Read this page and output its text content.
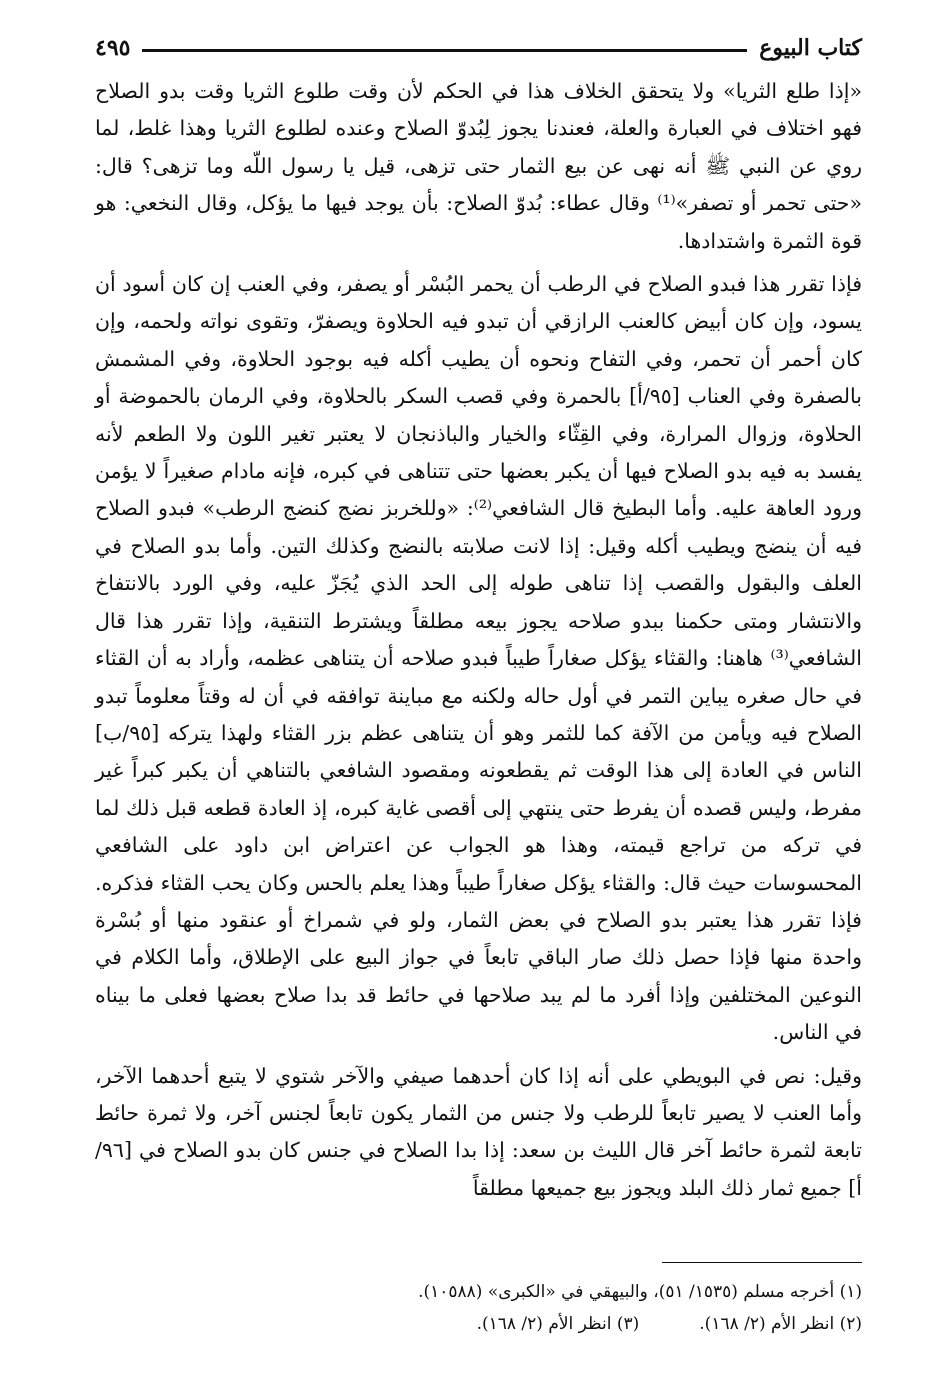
كتاب البيوع
٤٩٥

«إذا طلع الثريا» ولا يتحقق الخلاف هذا في الحكم لأن وقت طلوع الثريا وقت بدو الصلاح فهو اختلاف في العبارة والعلة، فعندنا يجوز لِبُدوّ الصلاح وعنده لطلوع الثريا وهذا غلط، لما روي عن النبي ﷺ أنه نهى عن بيع الثمار حتى تزهى، قيل يا رسول اللّه وما تزهى؟ قال: «حتى تحمر أو تصفر»⁽¹⁾ وقال عطاء: بُدوّ الصلاح: بأن يوجد فيها ما يؤكل، وقال النخعي: هو قوة الثمرة واشتدادها.

فإذا تقرر هذا فبدو الصلاح في الرطب أن يحمر البُسْر أو يصفر، وفي العنب إن كان أسود أن يسود، وإن كان أبيض كالعنب الرازقي أن تبدو فيه الحلاوة ويصفرّ، وتقوى نواته ولحمه، وإن كان أحمر أن تحمر، وفي التفاح ونحوه أن يطيب أكله فيه بوجود الحلاوة، وفي المشمش بالصفرة وفي العناب [٩٥/أ] بالحمرة وفي قصب السكر بالحلاوة، وفي الرمان بالحموضة أو الحلاوة، وزوال المرارة، وفي القِثّاء والخيار والباذنجان لا يعتبر تغير اللون ولا الطعم لأنه يفسد به فيه بدو الصلاح فيها أن يكبر بعضها حتى تتناهى في كبره، فإنه مادام صغيراً لا يؤمن ورود العاهة عليه. وأما البطيخ قال الشافعي⁽²⁾: «وللخربز نضج كنضج الرطب» فبدو الصلاح فيه أن ينضج ويطيب أكله وقيل: إذا لانت صلابته بالنضج وكذلك التين. وأما بدو الصلاح في العلف والبقول والقصب إذا تناهى طوله إلى الحد الذي يُجَزّ عليه، وفي الورد بالانتفاخ والانتشار ومتى حكمنا ببدو صلاحه يجوز بيعه مطلقاً ويشترط التنقية، وإذا تقرر هذا قال الشافعي⁽³⁾ هاهنا: والقثاء يؤكل صغاراً طيباً فبدو صلاحه أن يتناهى عظمه، وأراد به أن القثاء في حال صغره يباين التمر في أول حاله ولكنه مع مباينة توافقه في أن له وقتاً معلوماً تبدو الصلاح فيه ويأمن من الآفة كما للثمر وهو أن يتناهى عظم بزر القثاء ولهذا يتركه [٩٥/ب] الناس في العادة إلى هذا الوقت ثم يقطعونه ومقصود الشافعي بالتناهي أن يكبر كبراً غير مفرط، وليس قصده أن يفرط حتى ينتهي إلى أقصى غاية كبره، إذ العادة قطعه قبل ذلك لما في تركه من تراجع قيمته، وهذا هو الجواب عن اعتراض ابن داود على الشافعي المحسوسات حيث قال: والقثاء يؤكل صغاراً طيباً وهذا يعلم بالحس وكان يحب القثاء فذكره. فإذا تقرر هذا يعتبر بدو الصلاح في بعض الثمار، ولو في شمراخ أو عنقود منها أو بُسْرة واحدة منها فإذا حصل ذلك صار الباقي تابعاً في جواز البيع على الإطلاق، وأما الكلام في النوعين المختلفين وإذا أفرد ما لم يبد صلاحها في حائط قد بدا صلاح بعضها فعلى ما بيناه في الناس.

وقيل: نص في البويطي على أنه إذا كان أحدهما صيفي والآخر شتوي لا يتبع أحدهما الآخر، وأما العنب لا يصير تابعاً للرطب ولا جنس من الثمار يكون تابعاً لجنس آخر، ولا ثمرة حائط تابعة لثمرة حائط آخر قال الليث بن سعد: إذا بدا الصلاح في جنس كان بدو الصلاح في [٩٦/أ] جميع ثمار ذلك البلد ويجوز بيع جميعها مطلقاً

(١) أخرجه مسلم (١٥٣٥/ ٥١)، والبيهقي في «الكبرى» (١٠٥٨٨).
(٢) انظر الأم (٢/ ١٦٨).
(٣) انظر الأم (٢/ ١٦٨).
